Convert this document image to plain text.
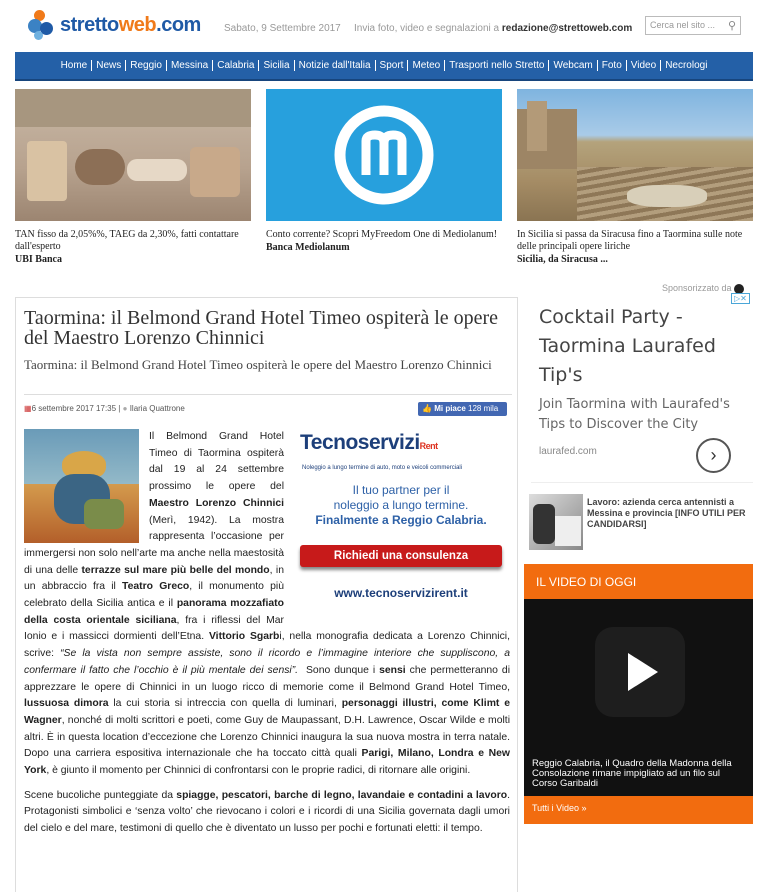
strettoweb.com Sabato, 9 Settembre 2017 Invia foto, video e segnalazioni a redazione@strettoweb.com	Cerca nel sito ... ⚲
Home News Reggio Messina Calabria Sicilia Notizie dall'Italia Sport Meteo Trasporti nello Stretto Webcam Foto Video Necrologi
TAN fisso da 2,05%%, TAEG da 2,30%, fatti contattare dall'esperto
UBI Banca
Conto corrente? Scopri MyFreedom One di Mediolanum!
Banca Mediolanum
In Sicilia si passa da Siracusa fino a Taormina sulle note delle principali opere liriche
Sicilia, da Siracusa ...
Sponsorizzato da
Taormina: il Belmond Grand Hotel Timeo ospiterà le opere del Maestro Lorenzo Chinnici
Taormina: il Belmond Grand Hotel Timeo ospiterà le opere del Maestro Lorenzo Chinnici
▦6 settembre 2017 17:35 | ● Ilaria Quattrone	👍 Mi piace 128 mila
TecnoserviziRent
Noleggio a lungo termine di auto, moto e veicoli commerciali
Il tuo partner per il
noleggio a lungo termine.
Finalmente a Reggio Calabria.
Richiedi una consulenza
www.tecnoservizirent.it

Il Belmond Grand Hotel Timeo di Taormina ospiterà dal 19 al 24 settembre prossimo le opere del Maestro Lorenzo Chinnici (Merì, 1942). La mostra rappresenta l’occasione per immergersi non solo nell’arte ma anche nella maestosità di una delle terrazze sul mare più belle del mondo, in un abbraccio fra il Teatro Greco, il monumento più celebrato della Sicilia antica e il panorama mozzafiato della costa orientale siciliana, fra i riflessi del Mar Ionio e i massicci dormienti dell’Etna. Vittorio Sgarbi, nella monografia dedicata a Lorenzo Chinnici, scrive: “Se la vista non sempre assiste, sono il ricordo e l’immagine interiore che suppliscono, a confermare il fatto che l’occhio è il più mentale dei sensi”.  Sono dunque i sensi che permetteranno di apprezzare le opere di Chinnici in un luogo ricco di memorie come il Belmond Grand Hotel Timeo, lussuosa dimora la cui storia si intreccia con quella di luminari, personaggi illustri, come Klimt e Wagner, nonché di molti scrittori e poeti, come Guy de Maupassant, D.H. Lawrence, Oscar Wilde e molti altri. È in questa location d’eccezione che Lorenzo Chinnici inaugura la sua nuova mostra in terra natale. Dopo una carriera espositiva internazionale che ha toccato città quali Parigi, Milano, Londra e New York, è giunto il momento per Chinnici di confrontarsi con le proprie radici, di ritornare alle origini.

Scene bucoliche punteggiate da spiagge, pescatori, barche di legno, lavandaie e contadini a lavoro. Protagonisti simbolici e ‘senza volto’ che rievocano i colori e i ricordi di una Sicilia governata dagli umori del cielo e del mare, testimoni di quello che è diventato un lusso per pochi e fortunati eletti: il tempo.

▷✕
Cocktail Party - Taormina Laurafed Tip's
Join Taormina with Laurafed's Tips to Discover the City
laurafed.com	›
Lavoro: azienda cerca antennisti a Messina e provincia [INFO UTILI PER CANDIDARSI]
IL VIDEO DI OGGI
Reggio Calabria, il Quadro della Madonna della Consolazione rimane impigliato ad un filo sul Corso Garibaldi
Tutti i Video »
